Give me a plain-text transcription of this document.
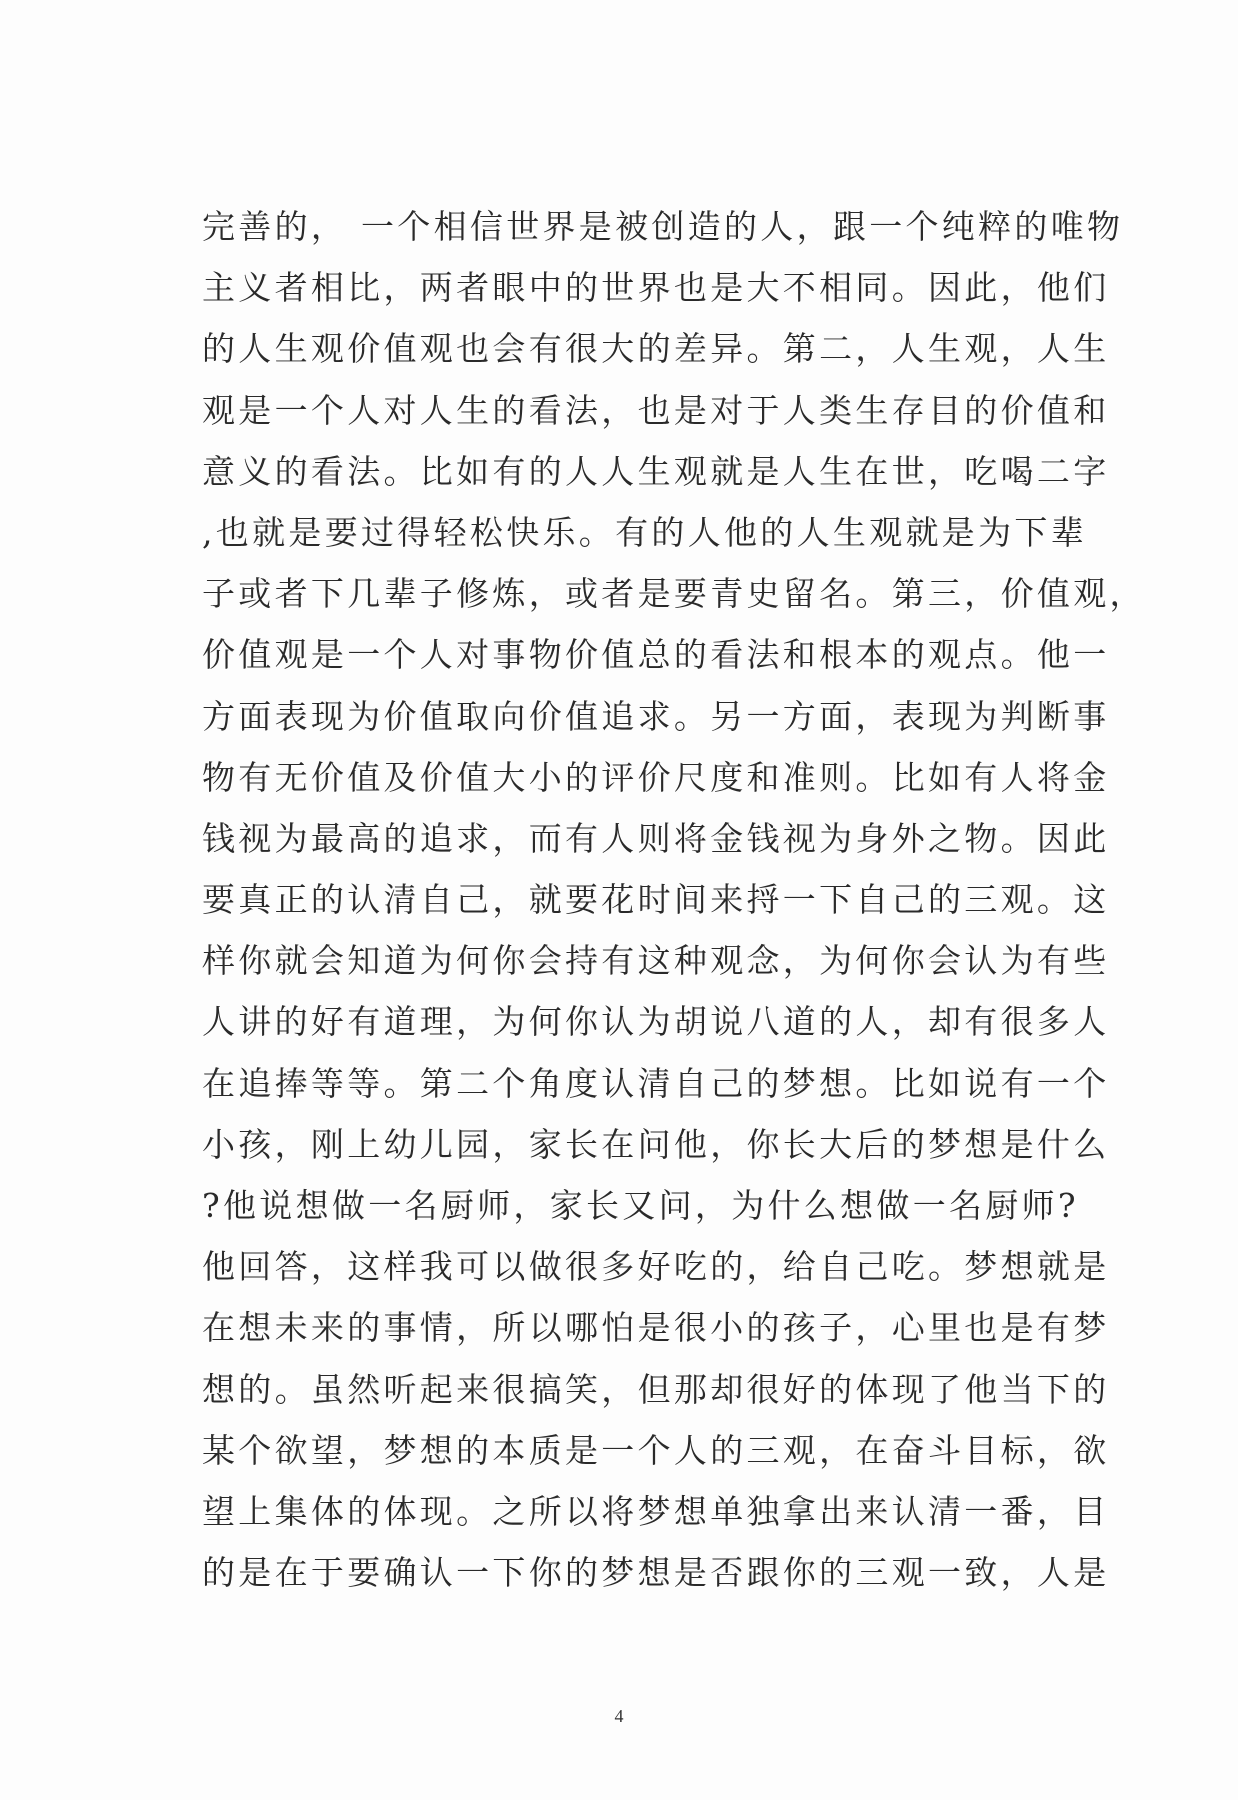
完善的， 一个相信世界是被创造的人，跟一个纯粹的唯物
主义者相比，两者眼中的世界也是大不相同。因此，他们
的人生观价值观也会有很大的差异。第二，人生观，人生
观是一个人对人生的看法，也是对于人类生存目的价值和
意义的看法。比如有的人人生观就是人生在世，吃喝二字
,也就是要过得轻松快乐。有的人他的人生观就是为下辈
子或者下几辈子修炼，或者是要青史留名。第三，价值观，
价值观是一个人对事物价值总的看法和根本的观点。他一
方面表现为价值取向价值追求。另一方面，表现为判断事
物有无价值及价值大小的评价尺度和准则。比如有人将金
钱视为最高的追求，而有人则将金钱视为身外之物。因此
要真正的认清自己，就要花时间来捋一下自己的三观。这
样你就会知道为何你会持有这种观念，为何你会认为有些
人讲的好有道理，为何你认为胡说八道的人，却有很多人
在追捧等等。第二个角度认清自己的梦想。比如说有一个
小孩，刚上幼儿园，家长在问他，你长大后的梦想是什么
?他说想做一名厨师，家长又问，为什么想做一名厨师?
他回答，这样我可以做很多好吃的，给自己吃。梦想就是
在想未来的事情，所以哪怕是很小的孩子，心里也是有梦
想的。虽然听起来很搞笑，但那却很好的体现了他当下的
某个欲望，梦想的本质是一个人的三观，在奋斗目标，欲
望上集体的体现。之所以将梦想单独拿出来认清一番，目
的是在于要确认一下你的梦想是否跟你的三观一致，人是
4
